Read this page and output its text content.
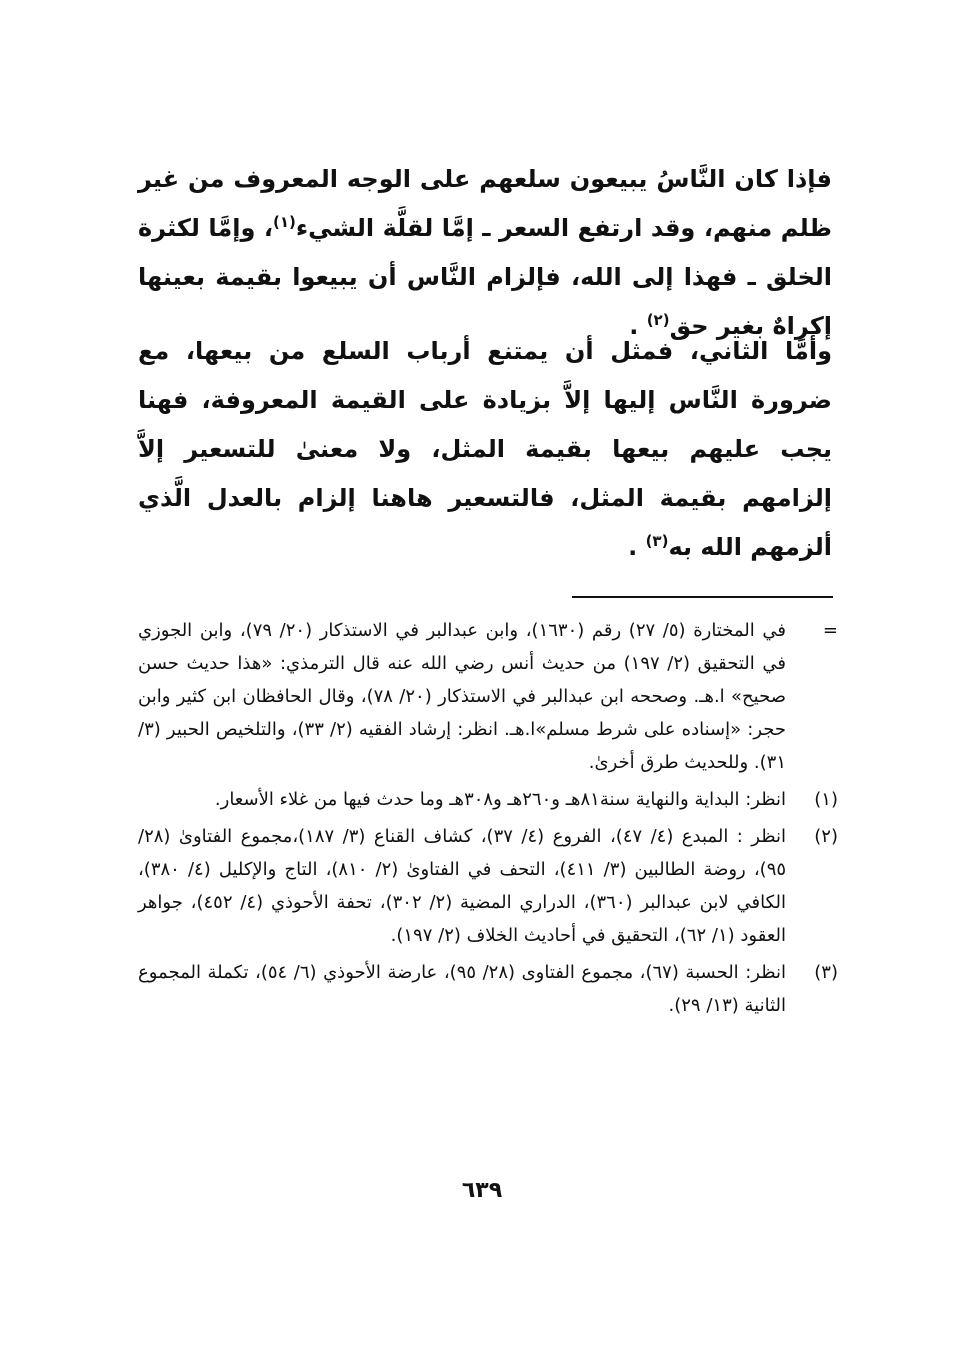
فإذا كان النَّاسُ يبيعون سلعهم على الوجه المعروف من غير ظلم منهم، وقد ارتفع السعر ـ إمَّا لقلَّة الشيء$^{(١)}$، وإمَّا لكثرة الخلق ـ فهذا إلى الله، فإلزام النَّاس أن يبيعوا بقيمة بعينها إكراهٌ بغير حق$^{(٢)}$ .

وأمَّا الثاني، فمثل أن يمتنع أرباب السلع من بيعها، مع ضرورة النَّاس إليها إلاَّ بزيادة على القيمة المعروفة، فهنا يجب عليهم بيعها بقيمة المثل، ولا معنىٰ للتسعير إلاَّ إلزامهم بقيمة المثل، فالتسعير هاهنا إلزام بالعدل الَّذي ألزمهم الله به$^{(٣)}$ .

=
في المختارة (٥/ ٢٧) رقم (١٦٣٠)، وابن عبدالبر في الاستذكار (٢٠/ ٧٩)، وابن الجوزي في التحقيق (٢/ ١٩٧) من حديث أنس رضي الله عنه قال الترمذي: «هذا حديث حسن صحيح» ا.هـ. وصححه ابن عبدالبر في الاستذكار (٢٠/ ٧٨)، وقال الحافظان ابن كثير وابن حجر: «إسناده على شرط مسلم»ا.هـ. انظر: إرشاد الفقيه (٢/ ٣٣)، والتلخيص الحبير (٣/ ٣١). وللحديث طرق أخرىٰ.
(١)
انظر: البداية والنهاية سنة٨١هـ و٢٦٠هـ و٣٠٨هـ وما حدث فيها من غلاء الأسعار.
(٢)
انظر : المبدع (٤/ ٤٧)، الفروع (٤/ ٣٧)، كشاف القناع (٣/ ١٨٧)،مجموع الفتاوىٰ (٢٨/ ٩٥)، روضة الطالبين (٣/ ٤١١)، التحف في الفتاوىٰ (٢/ ٨١٠)، التاج والإكليل (٤/ ٣٨٠)، الكافي لابن عبدالبر (٣٦٠)، الدراري المضية (٢/ ٣٠٢)، تحفة الأحوذي (٤/ ٤٥٢)، جواهر العقود (١/ ٦٢)، التحقيق في أحاديث الخلاف (٢/ ١٩٧).
(٣)
انظر: الحسبة (٦٧)، مجموع الفتاوى (٢٨/ ٩٥)، عارضة الأحوذي (٦/ ٥٤)، تكملة المجموع الثانية (١٣/ ٢٩).
٦٣٩
